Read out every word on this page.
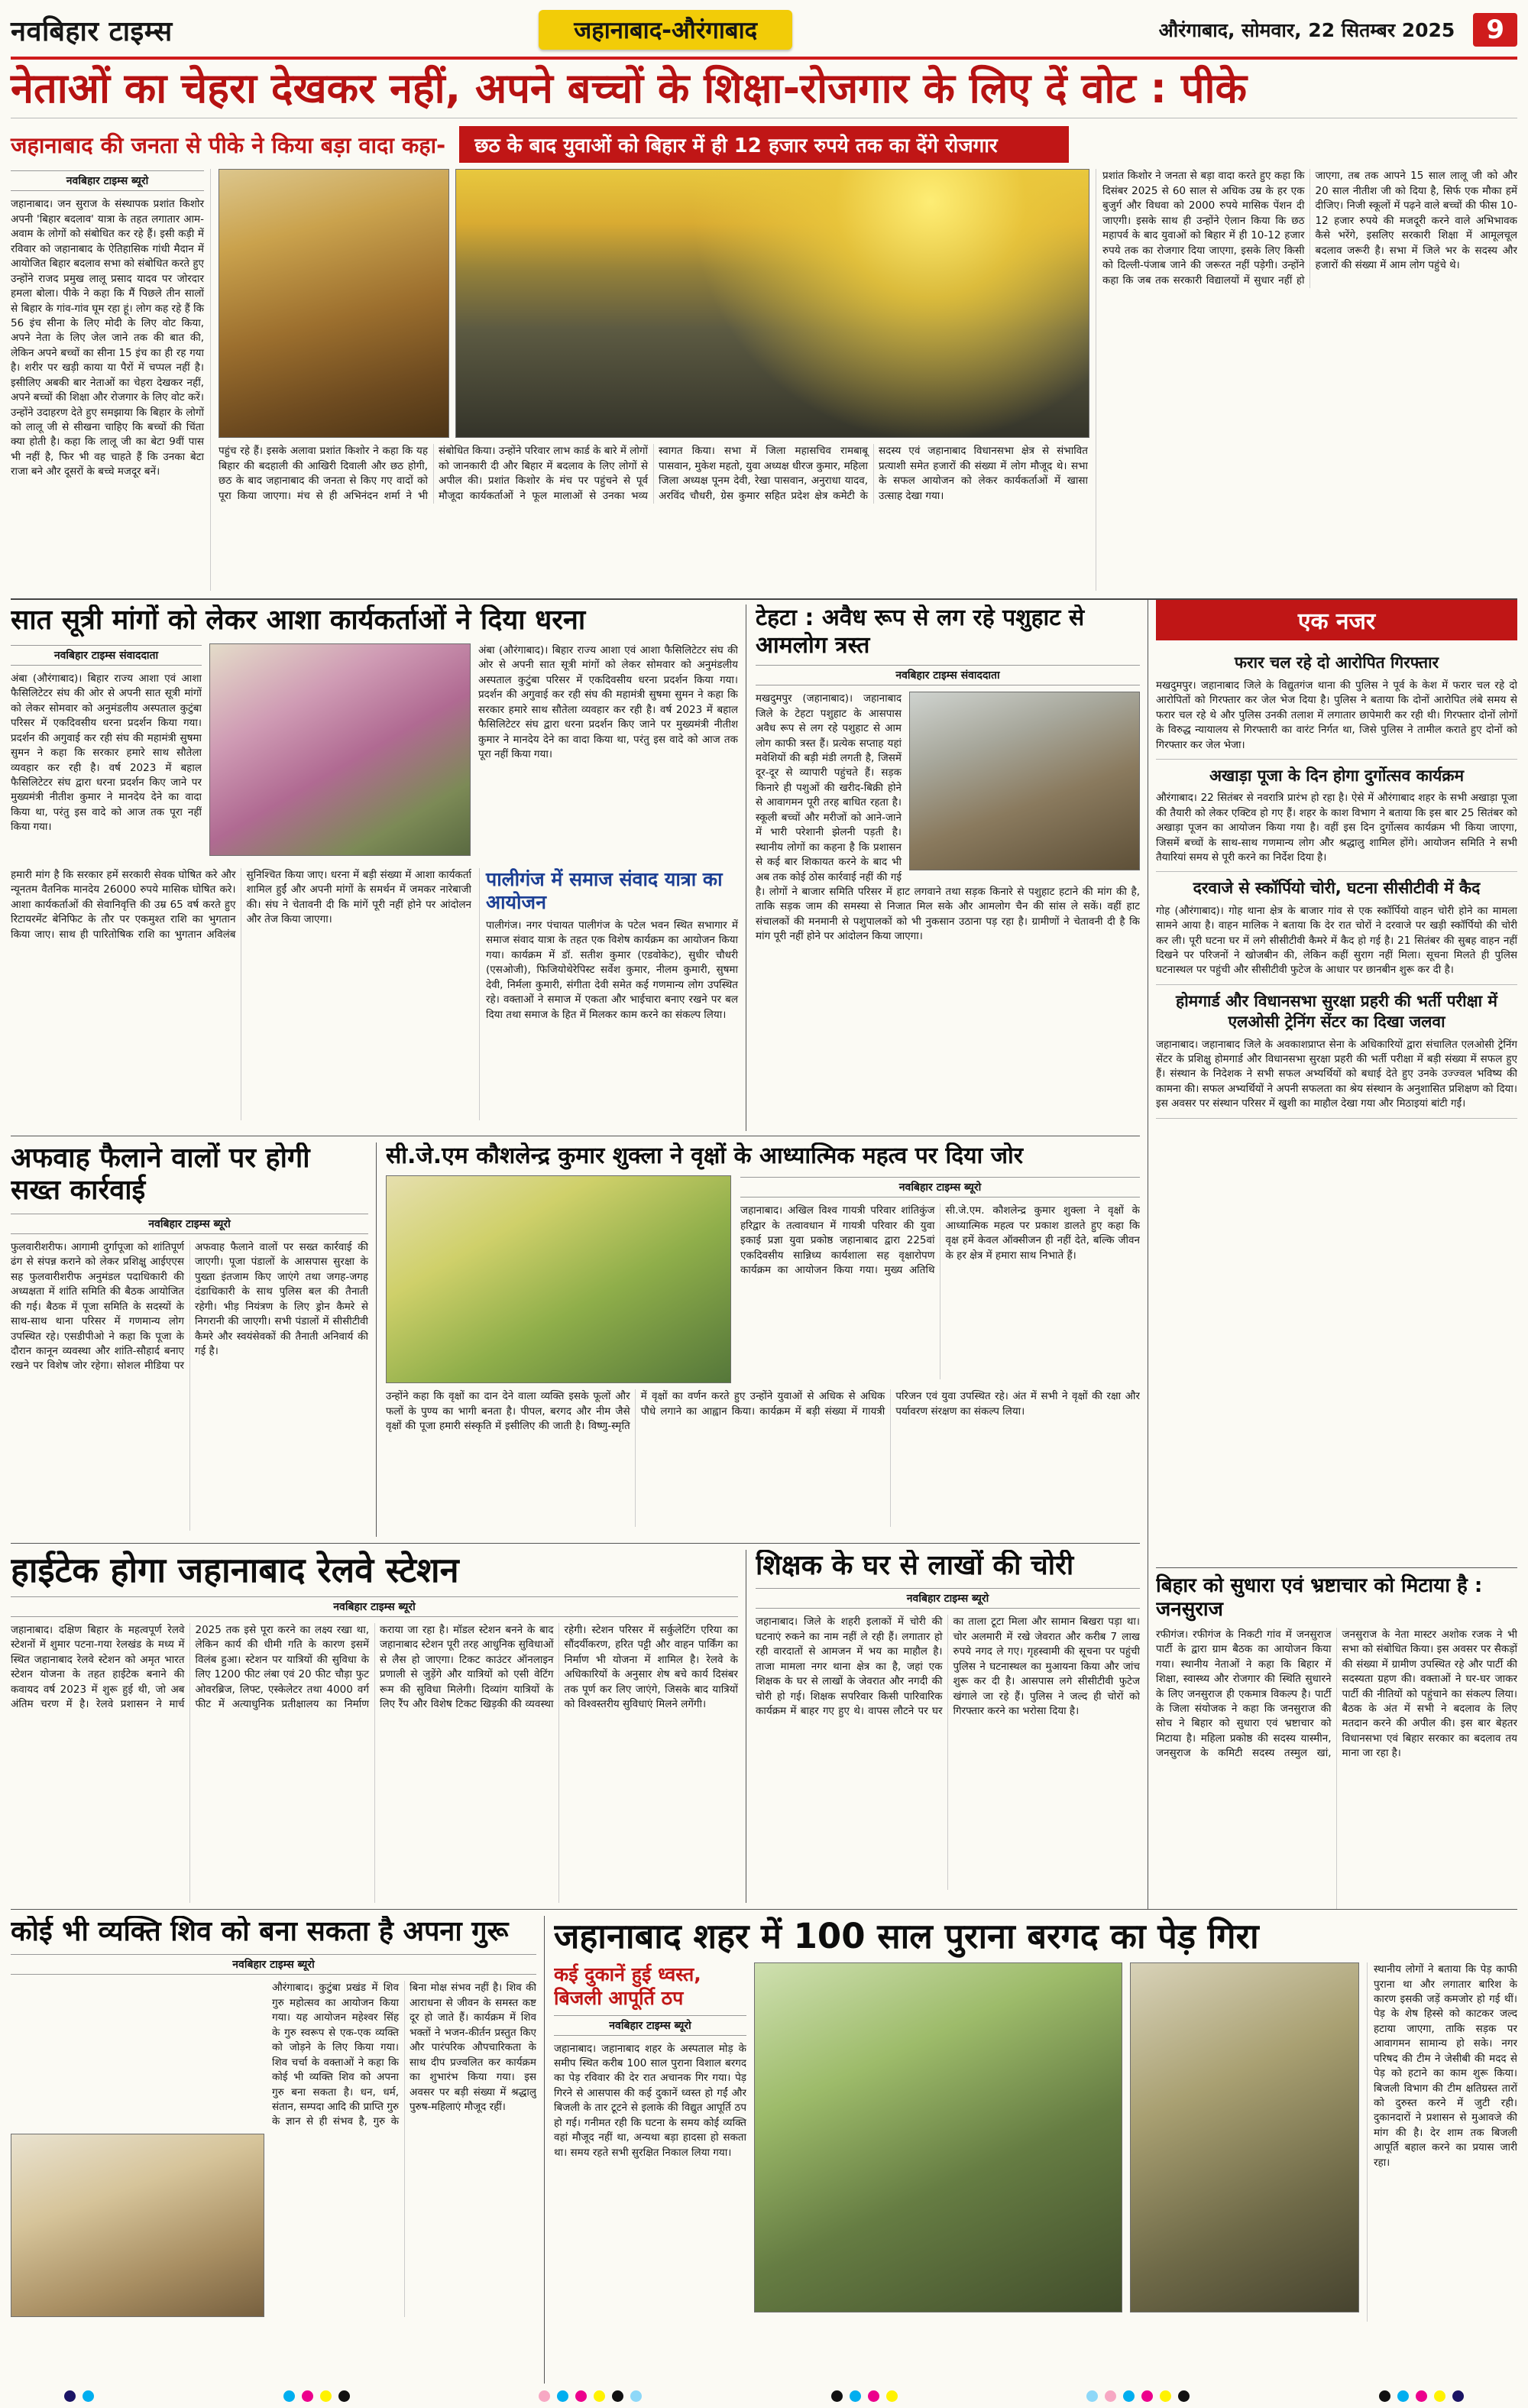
नवबिहार टाइम्स	जहानाबाद-औरंगाबाद	औरंगाबाद, सोमवार, 22 सितम्बर 2025	9
नेताओं का चेहरा देखकर नहीं, अपने बच्चों के शिक्षा-रोजगार के लिए दें वोट : पीके
जहानाबाद की जनता से पीके ने किया बड़ा वादा कहा-	छठ के बाद युवाओं को बिहार में ही 12 हजार रुपये तक का देंगे रोजगार
नवबिहार टाइम्स ब्यूरो

जहानाबाद। जन सुराज के संस्थापक प्रशांत किशोर अपनी 'बिहार बदलाव' यात्रा के तहत लगातार आम-अवाम के लोगों को संबोधित कर रहे हैं। इसी कड़ी में रविवार को जहानाबाद के ऐतिहासिक गांधी मैदान में आयोजित बिहार बदलाव सभा को संबोधित करते हुए उन्होंने राजद प्रमुख लालू प्रसाद यादव पर जोरदार हमला बोला। पीके ने कहा कि मैं पिछले तीन सालों से बिहार के गांव-गांव घूम रहा हूं। लोग कह रहे हैं कि 56 इंच सीना के लिए मोदी के लिए वोट किया, अपने नेता के लिए जेल जाने तक की बात की, लेकिन अपने बच्चों का सीना 15 इंच का ही रह गया है। शरीर पर खड़ी काया या पैरों में चप्पल नहीं है। इसीलिए अबकी बार नेताओं का चेहरा देखकर नहीं, अपने बच्चों की शिक्षा और रोजगार के लिए वोट करें। उन्होंने उदाहरण देते हुए समझाया कि बिहार के लोगों को लालू जी से सीखना चाहिए कि बच्चों की चिंता क्या होती है। कहा कि लालू जी का बेटा 9वीं पास भी नहीं है, फिर भी वह चाहते हैं कि उनका बेटा राजा बने और दूसरों के बच्चे मजदूर बनें।

प्रशांत किशोर ने जनता से बड़ा वादा करते हुए कहा कि दिसंबर 2025 से 60 साल से अधिक उम्र के हर एक बुजुर्ग और विधवा को 2000 रुपये मासिक पेंशन दी जाएगी। इसके साथ ही उन्होंने ऐलान किया कि छठ महापर्व के बाद युवाओं को बिहार में ही 10-12 हजार रुपये तक का रोजगार दिया जाएगा, इसके लिए किसी को दिल्ली-पंजाब जाने की जरूरत नहीं पड़ेगी। उन्होंने कहा कि जब तक सरकारी विद्यालयों में सुधार नहीं हो जाएगा, तब तक आपने 15 साल लालू जी को और 20 साल नीतीश जी को दिया है, सिर्फ एक मौका हमें दीजिए। निजी स्कूलों में पढ़ने वाले बच्चों की फीस 10-12 हजार रुपये की मजदूरी करने वाले अभिभावक कैसे भरेंगे, इसलिए सरकारी शिक्षा में आमूलचूल बदलाव जरूरी है। सभा में जिले भर के सदस्य और हजारों की संख्या में आम लोग पहुंचे थे।

पहुंच रहे हैं। इसके अलावा प्रशांत किशोर ने कहा कि यह बिहार की बदहाली की आखिरी दिवाली और छठ होगी, छठ के बाद जहानाबाद की जनता से किए गए वादों को पूरा किया जाएगा। मंच से ही अभिनंदन शर्मा ने भी संबोधित किया। उन्होंने परिवार लाभ कार्ड के बारे में लोगों को जानकारी दी और बिहार में बदलाव के लिए लोगों से अपील की। प्रशांत किशोर के मंच पर पहुंचने से पूर्व मौजूदा कार्यकर्ताओं ने फूल मालाओं से उनका भव्य स्वागत किया। सभा में जिला महासचिव रामबाबू पासवान, मुकेश महतो, युवा अध्यक्ष धीरज कुमार, महिला जिला अध्यक्ष पूनम देवी, रेखा पासवान, अनुराधा यादव, अरविंद चौधरी, ग्रेस कुमार सहित प्रदेश क्षेत्र कमेटी के सदस्य एवं जहानाबाद विधानसभा क्षेत्र से संभावित प्रत्याशी समेत हजारों की संख्या में लोग मौजूद थे। सभा के सफल आयोजन को लेकर कार्यकर्ताओं में खासा उत्साह देखा गया।

सात सूत्री मांगों को लेकर आशा कार्यकर्ताओं ने दिया धरना
नवबिहार टाइम्स संवाददाता

अंबा (औरंगाबाद)। बिहार राज्य आशा एवं आशा फैसिलिटेटर संघ की ओर से अपनी सात सूत्री मांगों को लेकर सोमवार को अनुमंडलीय अस्पताल कुटुंबा परिसर में एकदिवसीय धरना प्रदर्शन किया गया। प्रदर्शन की अगुवाई कर रही संघ की महामंत्री सुषमा सुमन ने कहा कि सरकार हमारे साथ सौतेला व्यवहार कर रही है। वर्ष 2023 में बहाल फैसिलिटेटर संघ द्वारा धरना प्रदर्शन किए जाने पर मुख्यमंत्री नीतीश कुमार ने मानदेय देने का वादा किया था, परंतु इस वादे को आज तक पूरा नहीं किया गया।

अंबा (औरंगाबाद)। बिहार राज्य आशा एवं आशा फैसिलिटेटर संघ की ओर से अपनी सात सूत्री मांगों को लेकर सोमवार को अनुमंडलीय अस्पताल कुटुंबा परिसर में एकदिवसीय धरना प्रदर्शन किया गया। प्रदर्शन की अगुवाई कर रही संघ की महामंत्री सुषमा सुमन ने कहा कि सरकार हमारे साथ सौतेला व्यवहार कर रही है। वर्ष 2023 में बहाल फैसिलिटेटर संघ द्वारा धरना प्रदर्शन किए जाने पर मुख्यमंत्री नीतीश कुमार ने मानदेय देने का वादा किया था, परंतु इस वादे को आज तक पूरा नहीं किया गया।

हमारी मांग है कि सरकार हमें सरकारी सेवक घोषित करे और न्यूनतम वैतनिक मानदेय 26000 रुपये मासिक घोषित करे। आशा कार्यकर्ताओं की सेवानिवृत्ति की उम्र 65 वर्ष करते हुए रिटायरमेंट बेनिफिट के तौर पर एकमुश्त राशि का भुगतान किया जाए। साथ ही पारितोषिक राशि का भुगतान अविलंब सुनिश्चित किया जाए। धरना में बड़ी संख्या में आशा कार्यकर्ता शामिल हुईं और अपनी मांगों के समर्थन में जमकर नारेबाजी की। संघ ने चेतावनी दी कि मांगें पूरी नहीं होने पर आंदोलन और तेज किया जाएगा।

पालीगंज में समाज संवाद यात्रा का आयोजन

पालीगंज। नगर पंचायत पालीगंज के पटेल भवन स्थित सभागार में समाज संवाद यात्रा के तहत एक विशेष कार्यक्रम का आयोजन किया गया। कार्यक्रम में डॉ. सतीश कुमार (एडवोकेट), सुधीर चौधरी (एसओजी), फिजियोथेरेपिस्ट सर्वेश कुमार, नीलम कुमारी, सुषमा देवी, निर्मला कुमारी, संगीता देवी समेत कई गणमान्य लोग उपस्थित रहे। वक्ताओं ने समाज में एकता और भाईचारा बनाए रखने पर बल दिया तथा समाज के हित में मिलकर काम करने का संकल्प लिया।

टेहटा : अवैध रूप से लग रहे पशुहाट से आमलोग त्रस्त
नवबिहार टाइम्स संवाददाता

मखदुमपुर (जहानाबाद)। जहानाबाद जिले के टेहटा पशुहाट के आसपास अवैध रूप से लग रहे पशुहाट से आम लोग काफी त्रस्त हैं। प्रत्येक सप्ताह यहां मवेशियों की बड़ी मंडी लगती है, जिसमें दूर-दूर से व्यापारी पहुंचते हैं। सड़क किनारे ही पशुओं की खरीद-बिक्री होने से आवागमन पूरी तरह बाधित रहता है। स्कूली बच्चों और मरीजों को आने-जाने में भारी परेशानी झेलनी पड़ती है। स्थानीय लोगों का कहना है कि प्रशासन से कई बार शिकायत करने के बाद भी अब तक कोई ठोस कार्रवाई नहीं की गई है। लोगों ने बाजार समिति परिसर में हाट लगवाने तथा सड़क किनारे से पशुहाट हटाने की मांग की है, ताकि सड़क जाम की समस्या से निजात मिल सके और आमलोग चैन की सांस ले सकें। वहीं हाट संचालकों की मनमानी से पशुपालकों को भी नुकसान उठाना पड़ रहा है। ग्रामीणों ने चेतावनी दी है कि मांग पूरी नहीं होने पर आंदोलन किया जाएगा।

अफवाह फैलाने वालों पर होगी सख्त कार्रवाई
नवबिहार टाइम्स ब्यूरो

फुलवारीशरीफ। आगामी दुर्गापूजा को शांतिपूर्ण ढंग से संपन्न कराने को लेकर प्रशिक्षु आईएएस सह फुलवारीशरीफ अनुमंडल पदाधिकारी की अध्यक्षता में शांति समिति की बैठक आयोजित की गई। बैठक में पूजा समिति के सदस्यों के साथ-साथ थाना परिसर में गणमान्य लोग उपस्थित रहे। एसडीपीओ ने कहा कि पूजा के दौरान कानून व्यवस्था और शांति-सौहार्द बनाए रखने पर विशेष जोर रहेगा। सोशल मीडिया पर अफवाह फैलाने वालों पर सख्त कार्रवाई की जाएगी। पूजा पंडालों के आसपास सुरक्षा के पुख्ता इंतजाम किए जाएंगे तथा जगह-जगह दंडाधिकारी के साथ पुलिस बल की तैनाती रहेगी। भीड़ नियंत्रण के लिए ड्रोन कैमरे से निगरानी की जाएगी। सभी पंडालों में सीसीटीवी कैमरे और स्वयंसेवकों की तैनाती अनिवार्य की गई है।

सी.जे.एम कौशलेन्द्र कुमार शुक्ला ने वृक्षों के आध्यात्मिक महत्व पर दिया जोर
नवबिहार टाइम्स ब्यूरो

जहानाबाद। अखिल विश्व गायत्री परिवार शांतिकुंज हरिद्वार के तत्वावधान में गायत्री परिवार की युवा इकाई प्रज्ञा युवा प्रकोष्ठ जहानाबाद द्वारा 225वां एकदिवसीय सान्निध्य कार्यशाला सह वृक्षारोपण कार्यक्रम का आयोजन किया गया। मुख्य अतिथि सी.जे.एम. कौशलेन्द्र कुमार शुक्ला ने वृक्षों के आध्यात्मिक महत्व पर प्रकाश डालते हुए कहा कि वृक्ष हमें केवल ऑक्सीजन ही नहीं देते, बल्कि जीवन के हर क्षेत्र में हमारा साथ निभाते हैं।

उन्होंने कहा कि वृक्षों का दान देने वाला व्यक्ति इसके फूलों और फलों के पुण्य का भागी बनता है। पीपल, बरगद और नीम जैसे वृक्षों की पूजा हमारी संस्कृति में इसीलिए की जाती है। विष्णु-स्मृति में वृक्षों का वर्णन करते हुए उन्होंने युवाओं से अधिक से अधिक पौधे लगाने का आह्वान किया। कार्यक्रम में बड़ी संख्या में गायत्री परिजन एवं युवा उपस्थित रहे। अंत में सभी ने वृक्षों की रक्षा और पर्यावरण संरक्षण का संकल्प लिया।

हाईटेक होगा जहानाबाद रेलवे स्टेशन
नवबिहार टाइम्स ब्यूरो

जहानाबाद। दक्षिण बिहार के महत्वपूर्ण रेलवे स्टेशनों में शुमार पटना-गया रेलखंड के मध्य में स्थित जहानाबाद रेलवे स्टेशन को अमृत भारत स्टेशन योजना के तहत हाईटेक बनाने की कवायद वर्ष 2023 में शुरू हुई थी, जो अब अंतिम चरण में है। रेलवे प्रशासन ने मार्च 2025 तक इसे पूरा करने का लक्ष्य रखा था, लेकिन कार्य की धीमी गति के कारण इसमें विलंब हुआ। स्टेशन पर यात्रियों की सुविधा के लिए 1200 फीट लंबा एवं 20 फीट चौड़ा फुट ओवरब्रिज, लिफ्ट, एस्केलेटर तथा 4000 वर्ग फीट में अत्याधुनिक प्रतीक्षालय का निर्माण कराया जा रहा है। मॉडल स्टेशन बनने के बाद जहानाबाद स्टेशन पूरी तरह आधुनिक सुविधाओं से लैस हो जाएगा। टिकट काउंटर ऑनलाइन प्रणाली से जुड़ेंगे और यात्रियों को एसी वेटिंग रूम की सुविधा मिलेगी। दिव्यांग यात्रियों के लिए रैंप और विशेष टिकट खिड़की की व्यवस्था रहेगी। स्टेशन परिसर में सर्कुलेटिंग एरिया का सौंदर्यीकरण, हरित पट्टी और वाहन पार्किंग का निर्माण भी योजना में शामिल है। रेलवे के अधिकारियों के अनुसार शेष बचे कार्य दिसंबर तक पूर्ण कर लिए जाएंगे, जिसके बाद यात्रियों को विश्वस्तरीय सुविधाएं मिलने लगेंगी।

शिक्षक के घर से लाखों की चोरी
नवबिहार टाइम्स ब्यूरो

जहानाबाद। जिले के शहरी इलाकों में चोरी की घटनाएं रुकने का नाम नहीं ले रही हैं। लगातार हो रही वारदातों से आमजन में भय का माहौल है। ताजा मामला नगर थाना क्षेत्र का है, जहां एक शिक्षक के घर से लाखों के जेवरात और नगदी की चोरी हो गई। शिक्षक सपरिवार किसी पारिवारिक कार्यक्रम में बाहर गए हुए थे। वापस लौटने पर घर का ताला टूटा मिला और सामान बिखरा पड़ा था। चोर अलमारी में रखे जेवरात और करीब 7 लाख रुपये नगद ले गए। गृहस्वामी की सूचना पर पहुंची पुलिस ने घटनास्थल का मुआयना किया और जांच शुरू कर दी है। आसपास लगे सीसीटीवी फुटेज खंगाले जा रहे हैं। पुलिस ने जल्द ही चोरों को गिरफ्तार करने का भरोसा दिया है।

एक नजर
फरार चल रहे दो आरोपित गिरफ्तार

मखदुमपुर। जहानाबाद जिले के विद्युतगंज थाना की पुलिस ने पूर्व के केश में फरार चल रहे दो आरोपितों को गिरफ्तार कर जेल भेज दिया है। पुलिस ने बताया कि दोनों आरोपित लंबे समय से फरार चल रहे थे और पुलिस उनकी तलाश में लगातार छापेमारी कर रही थी। गिरफ्तार दोनों लोगों के विरुद्ध न्यायालय से गिरफ्तारी का वारंट निर्गत था, जिसे पुलिस ने तामील कराते हुए दोनों को गिरफ्तार कर जेल भेजा।

अखाड़ा पूजा के दिन होगा दुर्गोत्सव कार्यक्रम

औरंगाबाद। 22 सितंबर से नवरात्रि प्रारंभ हो रहा है। ऐसे में औरंगाबाद शहर के सभी अखाड़ा पूजा की तैयारी को लेकर एक्टिव हो गए हैं। शहर के काश विभाग ने बताया कि इस बार 25 सितंबर को अखाड़ा पूजन का आयोजन किया गया है। वहीं इस दिन दुर्गोत्सव कार्यक्रम भी किया जाएगा, जिसमें बच्चों के साथ-साथ गणमान्य लोग और श्रद्धालु शामिल होंगे। आयोजन समिति ने सभी तैयारियां समय से पूरी करने का निर्देश दिया है।

दरवाजे से स्कॉर्पियो चोरी, घटना सीसीटीवी में कैद

गोह (औरंगाबाद)। गोह थाना क्षेत्र के बाजार गांव से एक स्कॉर्पियो वाहन चोरी होने का मामला सामने आया है। वाहन मालिक ने बताया कि देर रात चोरों ने दरवाजे पर खड़ी स्कॉर्पियो की चोरी कर ली। पूरी घटना घर में लगे सीसीटीवी कैमरे में कैद हो गई है। 21 सितंबर की सुबह वाहन नहीं दिखने पर परिजनों ने खोजबीन की, लेकिन कहीं सुराग नहीं मिला। सूचना मिलते ही पुलिस घटनास्थल पर पहुंची और सीसीटीवी फुटेज के आधार पर छानबीन शुरू कर दी है।

होमगार्ड और विधानसभा सुरक्षा प्रहरी की भर्ती परीक्षा में एलओसी ट्रेनिंग सेंटर का दिखा जलवा

जहानाबाद। जहानाबाद जिले के अवकाशप्राप्त सेना के अधिकारियों द्वारा संचालित एलओसी ट्रेनिंग सेंटर के प्रशिक्षु होमगार्ड और विधानसभा सुरक्षा प्रहरी की भर्ती परीक्षा में बड़ी संख्या में सफल हुए हैं। संस्थान के निदेशक ने सभी सफल अभ्यर्थियों को बधाई देते हुए उनके उज्ज्वल भविष्य की कामना की। सफल अभ्यर्थियों ने अपनी सफलता का श्रेय संस्थान के अनुशासित प्रशिक्षण को दिया। इस अवसर पर संस्थान परिसर में खुशी का माहौल देखा गया और मिठाइयां बांटी गईं।

बिहार को सुधारा एवं भ्रष्टाचार को मिटाया है : जनसुराज

रफीगंज। रफीगंज के निकटी गांव में जनसुराज पार्टी के द्वारा ग्राम बैठक का आयोजन किया गया। स्थानीय नेताओं ने कहा कि बिहार में शिक्षा, स्वास्थ्य और रोजगार की स्थिति सुधारने के लिए जनसुराज ही एकमात्र विकल्प है। पार्टी के जिला संयोजक ने कहा कि जनसुराज की सोच ने बिहार को सुधारा एवं भ्रष्टाचार को मिटाया है। महिला प्रकोष्ठ की सदस्य यास्मीन, जनसुराज के कमिटी सदस्य तस्मुल खां, जनसुराज के नेता मास्टर अशोक रजक ने भी सभा को संबोधित किया। इस अवसर पर सैकड़ों की संख्या में ग्रामीण उपस्थित रहे और पार्टी की सदस्यता ग्रहण की। वक्ताओं ने घर-घर जाकर पार्टी की नीतियों को पहुंचाने का संकल्प लिया। बैठक के अंत में सभी ने बदलाव के लिए मतदान करने की अपील की। इस बार बेहतर विधानसभा एवं बिहार सरकार का बदलाव तय माना जा रहा है।

कोई भी व्यक्ति शिव को बना सकता है अपना गुरू
नवबिहार टाइम्स ब्यूरो

औरंगाबाद। कुटुंबा प्रखंड में शिव गुरु महोत्सव का आयोजन किया गया। यह आयोजन महेश्वर सिंह के गुरु स्वरूप से एक-एक व्यक्ति को जोड़ने के लिए किया गया। शिव चर्चा के वक्ताओं ने कहा कि कोई भी व्यक्ति शिव को अपना गुरु बना सकता है। धन, धर्म, संतान, सम्पदा आदि की प्राप्ति गुरु के ज्ञान से ही संभव है, गुरु के बिना मोक्ष संभव नहीं है। शिव की आराधना से जीवन के समस्त कष्ट दूर हो जाते हैं। कार्यक्रम में शिव भक्तों ने भजन-कीर्तन प्रस्तुत किए और पारंपरिक औपचारिकता के साथ दीप प्रज्वलित कर कार्यक्रम का शुभारंभ किया गया। इस अवसर पर बड़ी संख्या में श्रद्धालु पुरुष-महिलाएं मौजूद रहीं।

जहानाबाद शहर में 100 साल पुराना बरगद का पेड़ गिरा
कई दुकानें हुई ध्वस्त, बिजली आपूर्ति ठप
नवबिहार टाइम्स ब्यूरो

जहानाबाद। जहानाबाद शहर के अस्पताल मोड़ के समीप स्थित करीब 100 साल पुराना विशाल बरगद का पेड़ रविवार की देर रात अचानक गिर गया। पेड़ गिरने से आसपास की कई दुकानें ध्वस्त हो गईं और बिजली के तार टूटने से इलाके की विद्युत आपूर्ति ठप हो गई। गनीमत रही कि घटना के समय कोई व्यक्ति वहां मौजूद नहीं था, अन्यथा बड़ा हादसा हो सकता था। समय रहते सभी सुरक्षित निकाल लिया गया।

स्थानीय लोगों ने बताया कि पेड़ काफी पुराना था और लगातार बारिश के कारण इसकी जड़ें कमजोर हो गई थीं। पेड़ के शेष हिस्से को काटकर जल्द हटाया जाएगा, ताकि सड़क पर आवागमन सामान्य हो सके। नगर परिषद की टीम ने जेसीबी की मदद से पेड़ को हटाने का काम शुरू किया। बिजली विभाग की टीम क्षतिग्रस्त तारों को दुरुस्त करने में जुटी रही। दुकानदारों ने प्रशासन से मुआवजे की मांग की है। देर शाम तक बिजली आपूर्ति बहाल करने का प्रयास जारी रहा।
